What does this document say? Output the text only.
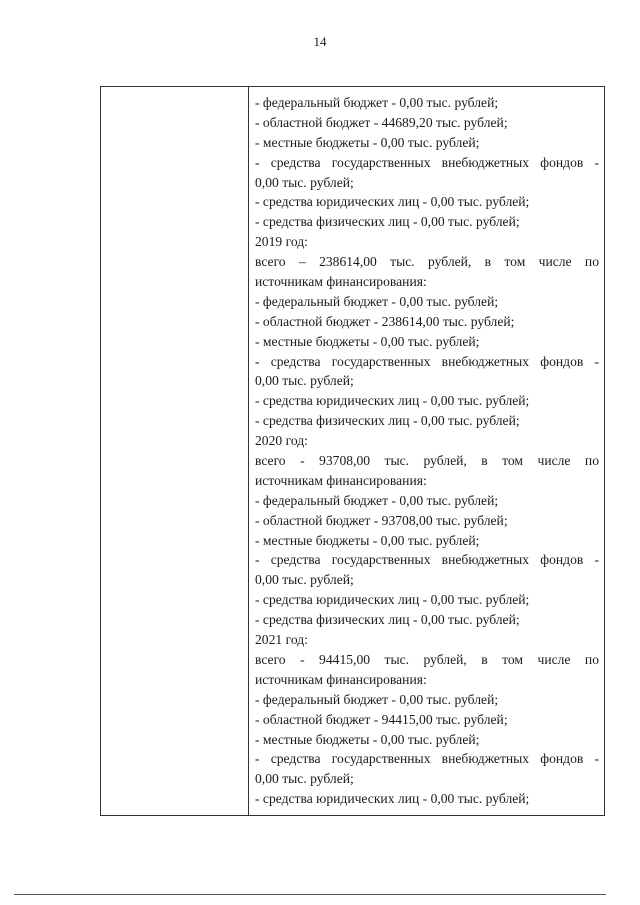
14
- федеральный бюджет - 0,00 тыс. рублей;
- областной бюджет - 44689,20 тыс. рублей;
- местные бюджеты - 0,00 тыс. рублей;
- средства государственных внебюджетных фондов -
0,00 тыс. рублей;
- средства юридических лиц - 0,00 тыс. рублей;
- средства физических лиц - 0,00 тыс. рублей;
2019 год:
всего – 238614,00 тыс. рублей, в том числе по
источникам финансирования:
- федеральный бюджет - 0,00 тыс. рублей;
- областной бюджет - 238614,00 тыс. рублей;
- местные бюджеты - 0,00 тыс. рублей;
- средства государственных внебюджетных фондов -
0,00 тыс. рублей;
- средства юридических лиц - 0,00 тыс. рублей;
- средства физических лиц - 0,00 тыс. рублей;
2020 год:
всего - 93708,00 тыс. рублей, в том числе по
источникам финансирования:
- федеральный бюджет - 0,00 тыс. рублей;
- областной бюджет - 93708,00 тыс. рублей;
- местные бюджеты - 0,00 тыс. рублей;
- средства государственных внебюджетных фондов -
0,00 тыс. рублей;
- средства юридических лиц - 0,00 тыс. рублей;
- средства физических лиц - 0,00 тыс. рублей;
2021 год:
всего - 94415,00 тыс. рублей, в том числе по
источникам финансирования:
- федеральный бюджет - 0,00 тыс. рублей;
- областной бюджет - 94415,00 тыс. рублей;
- местные бюджеты - 0,00 тыс. рублей;
- средства государственных внебюджетных фондов -
0,00 тыс. рублей;
- средства юридических лиц - 0,00 тыс. рублей;
